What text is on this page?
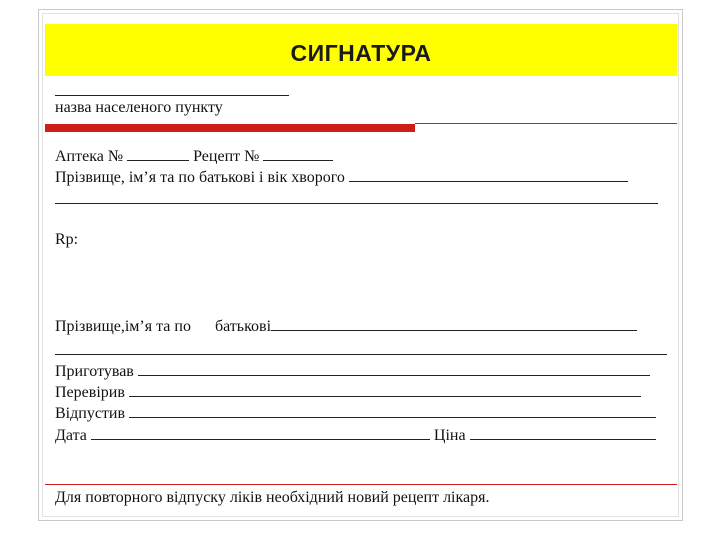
СИГНАТУРА
назва населеного пункту
Аптека №	Рецепт №
Прізвище, ім’я та по батькові і вік хворого
Rp:
Прізвище,ім’я та по батькові
Приготував
Перевірив
Відпустив
Дата	Ціна
Для повторного відпуску ліків необхідний новий рецепт лікаря.
